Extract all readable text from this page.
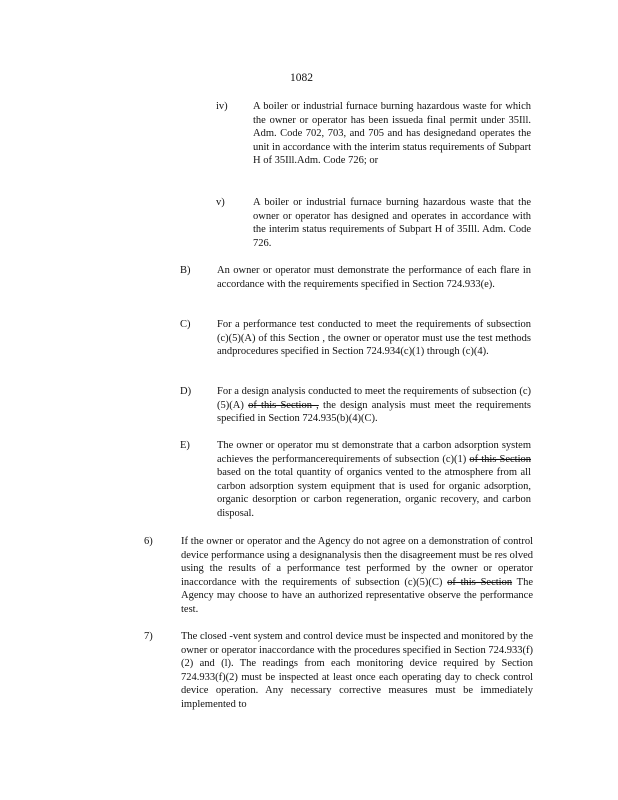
1082
iv)	A boiler or industrial furnace burning hazardous waste for which the owner or operator has been issueda final permit under 35Ill. Adm. Code 702, 703, and 705 and has designedand operates the unit in accordance with the interim status requirements of Subpart H of 35Ill.Adm. Code 726; or
v)	A boiler or industrial furnace burning hazardous waste that the owner or operator has designed and operates in accordance with the interim status requirements of Subpart H of 35Ill. Adm. Code 726.
B)	An owner or operator must demonstrate the performance of each flare in accordance with the requirements specified in Section 724.933(e).
C)	For a performance test conducted to meet the requirements of subsection (c)(5)(A) of this Section , the owner or operator must use the test methods andprocedures specified in Section 724.934(c)(1) through (c)(4).
D)	For a design analysis conducted to meet the requirements of subsection (c)(5)(A) of this Section , the design analysis must meet the requirements specified in Section 724.935(b)(4)(C).
E)	The owner or operator mu st demonstrate that a carbon adsorption system achieves the performancerequirements of subsection (c)(1) of this Section based on the total quantity of organics vented to the atmosphere from all carbon adsorption system equipment that is used for organic adsorption, organic desorption or carbon regeneration, organic recovery, and carbon disposal.
6)	If the owner or operator and the Agency do not agree on a demonstration of control device performance using a designanalysis then the disagreement must be res olved using the results of a performance test performed by the owner or operator inaccordance with the requirements of subsection (c)(5)(C) of this Section The Agency may choose to have an authorized representative observe the performance test.
7)	The closed -vent system and control device must be inspected and monitored by the owner or operator inaccordance with the procedures specified in Section 724.933(f)(2) and (l). The readings from each monitoring device required by Section 724.933(f)(2) must be inspected at least once each operating day to check control device operation. Any necessary corrective measures must be immediately implemented to
